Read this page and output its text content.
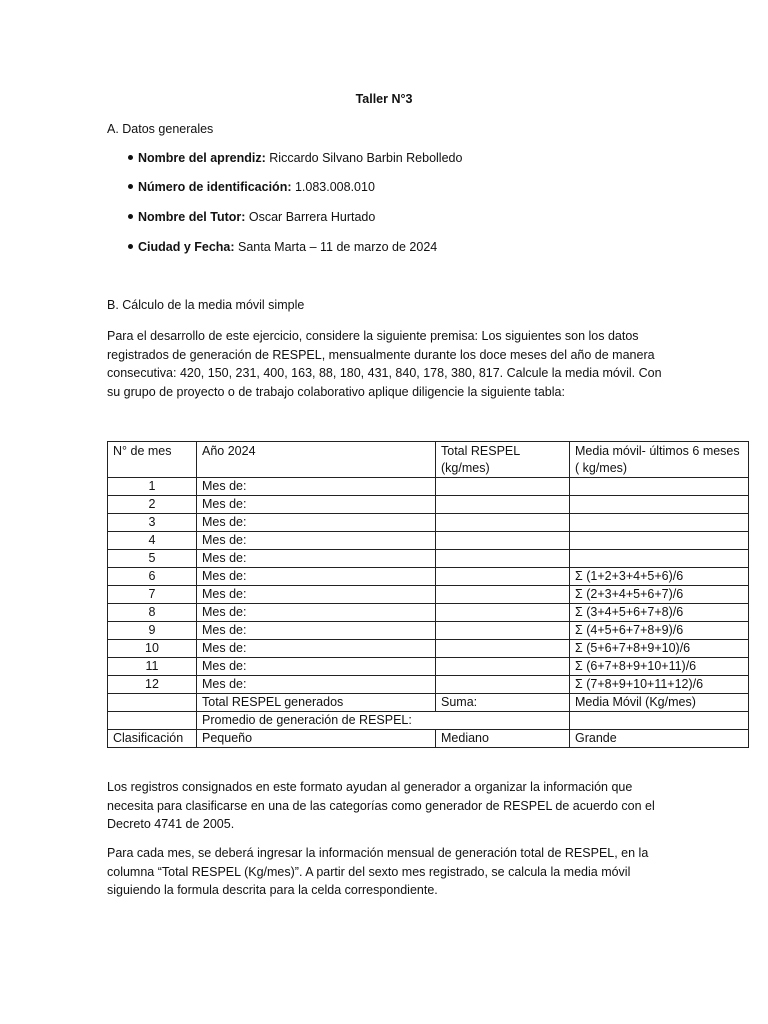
Taller N°3
A. Datos generales
Nombre del aprendiz: Riccardo Silvano Barbin Rebolledo
Número de identificación: 1.083.008.010
Nombre del Tutor: Oscar Barrera Hurtado
Ciudad y Fecha: Santa Marta – 11 de marzo de 2024
B. Cálculo de la media móvil simple
Para el desarrollo de este ejercicio, considere la siguiente premisa: Los siguientes son los datos
registrados de generación de RESPEL, mensualmente durante los doce meses del año de manera
consecutiva: 420, 150, 231, 400, 163, 88, 180, 431, 840, 178, 380, 817. Calcule la media móvil. Con
su grupo de proyecto o de trabajo colaborativo aplique diligencie la siguiente tabla:
N° de mes	Año 2024	Total RESPEL (kg/mes)	Media móvil- últimos 6 meses ( kg/mes)
1	Mes de:		
2	Mes de:		
3	Mes de:		
4	Mes de:		
5	Mes de:		
6	Mes de:		Σ (1+2+3+4+5+6)/6
7	Mes de:		Σ (2+3+4+5+6+7)/6
8	Mes de:		Σ (3+4+5+6+7+8)/6
9	Mes de:		Σ (4+5+6+7+8+9)/6
10	Mes de:		Σ (5+6+7+8+9+10)/6
11	Mes de:		Σ (6+7+8+9+10+11)/6
12	Mes de:		Σ (7+8+9+10+11+12)/6
	Total RESPEL generados	Suma:	Media Móvil (Kg/mes)
	Promedio de generación de RESPEL:		
Clasificación	Pequeño	Mediano	Grande
Los registros consignados en este formato ayudan al generador a organizar la información que
necesita para clasificarse en una de las categorías como generador de RESPEL de acuerdo con el
Decreto 4741 de 2005.
Para cada mes, se deberá ingresar la información mensual de generación total de RESPEL, en la
columna “Total RESPEL (Kg/mes)”. A partir del sexto mes registrado, se calcula la media móvil
siguiendo la formula descrita para la celda correspondiente.
